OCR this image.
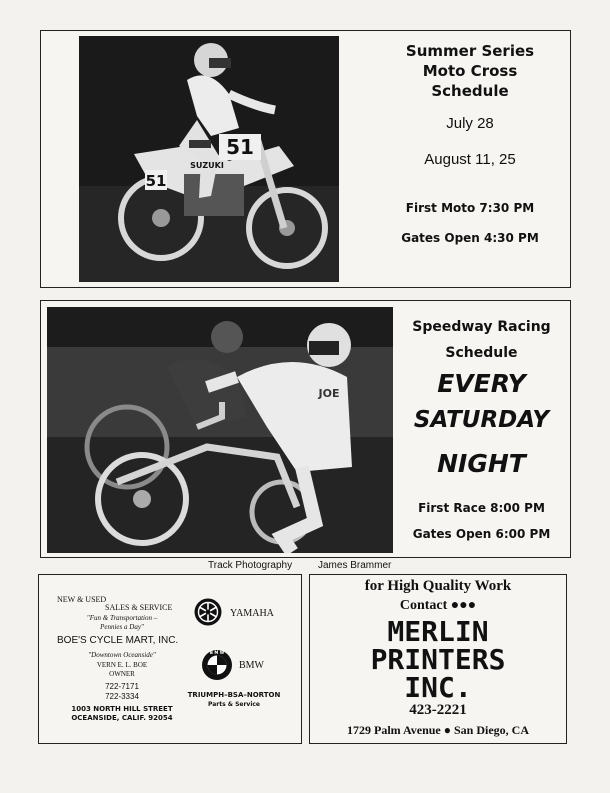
51
51
SUZUKI
Summer Series
Moto Cross
Schedule
July 28
August 11, 25
First Moto 7:30 PM
Gates Open 4:30 PM
JOE
Speedway Racing
Schedule
EVERY
SATURDAY
NIGHT
First Race 8:00 PM
Gates Open 6:00 PM
Track Photography	James Brammer
NEW & USED
SALES & SERVICE
"Fun & Transportation –
Pennies a Day"
BOE'S CYCLE MART, INC.
"Downtown Oceanside"
VERN E. L. BOE
OWNER
722-7171
722-3334
1003 NORTH HILL STREET
OCEANSIDE, CALIF. 92054
YAMAHA
B M W
BMW
TRIUMPH–BSA–NORTON
Parts & Service
for High Quality Work
Contact ●●●
MERLIN
PRINTERS
INC.
423-2221
1729 Palm Avenue ● San Diego, CA
